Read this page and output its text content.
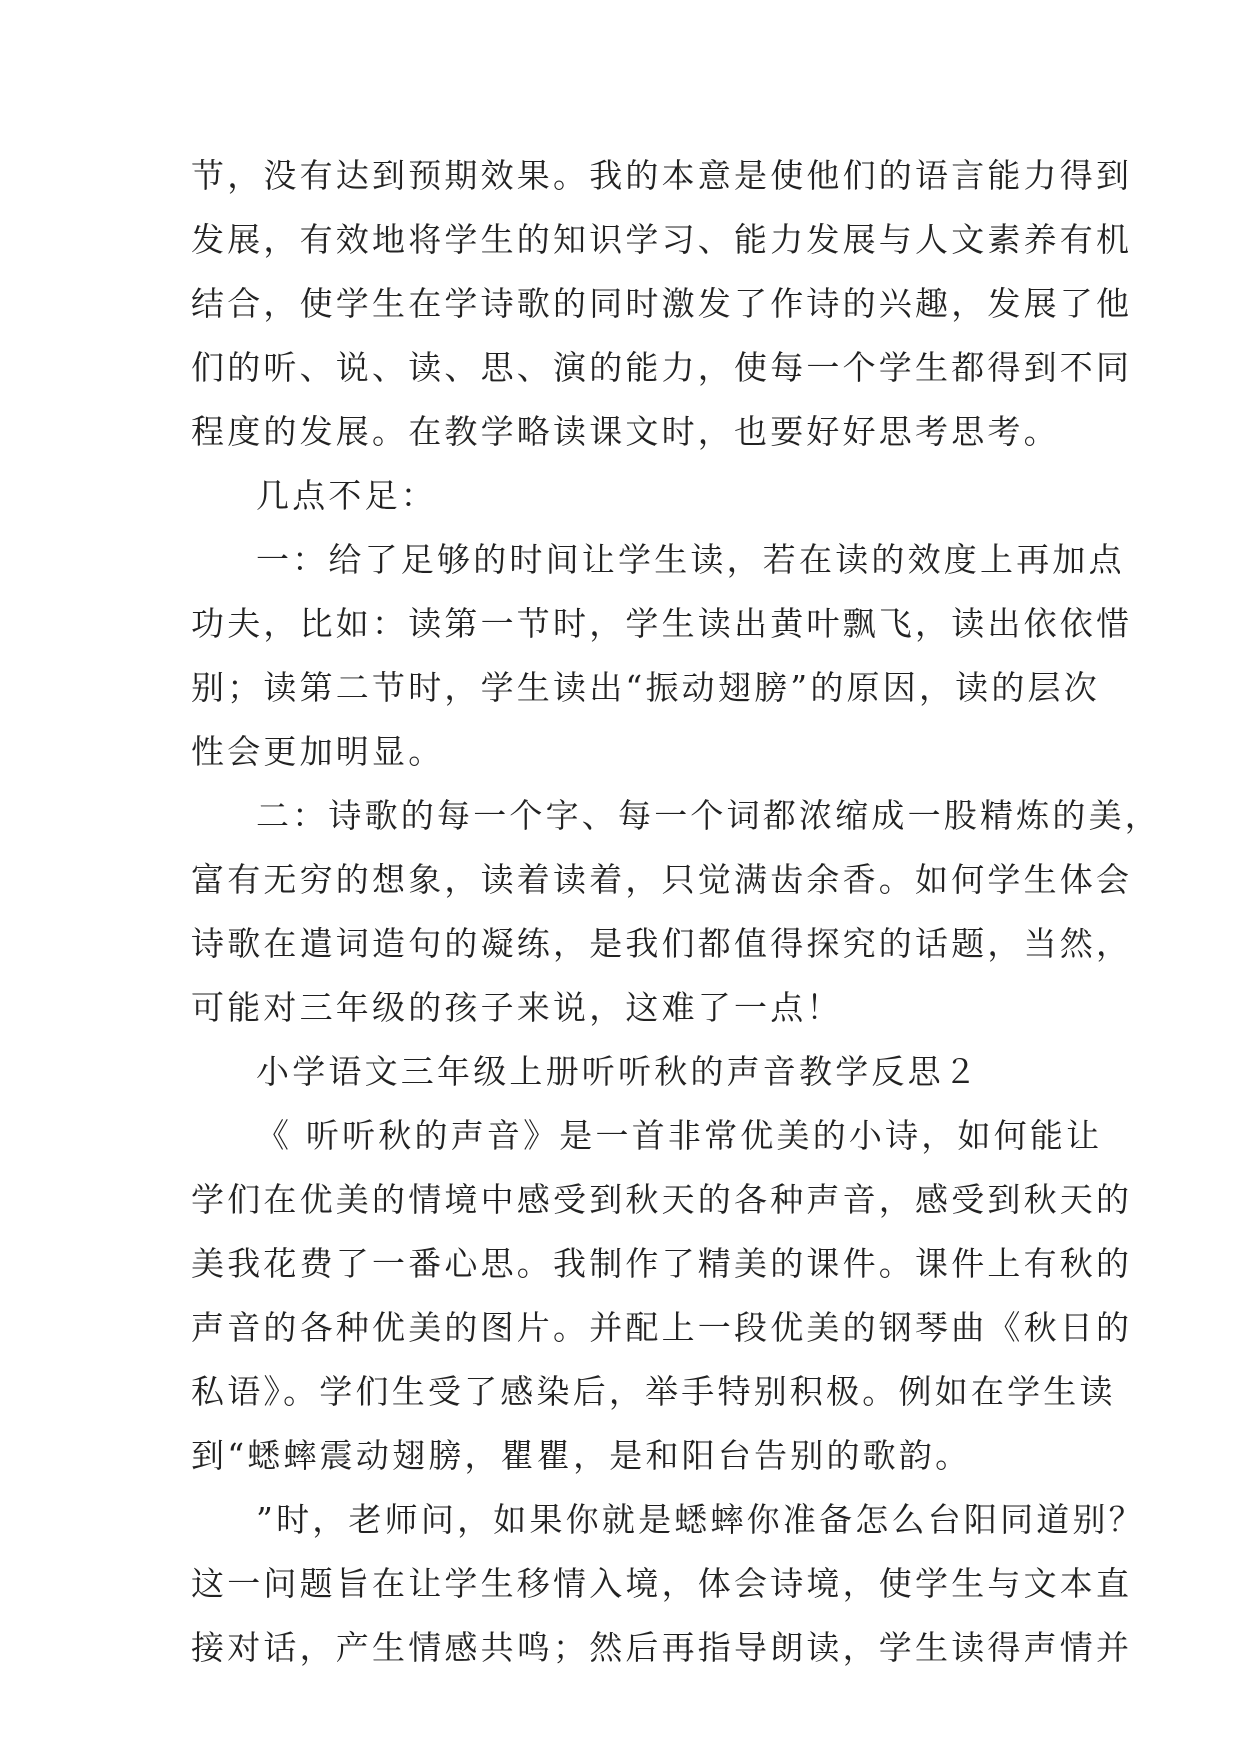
节，没有达到预期效果。我的本意是使他们的语言能力得到
发展，有效地将学生的知识学习、能力发展与人文素养有机
结合，使学生在学诗歌的同时激发了作诗的兴趣，发展了他
们的听、说、读、思、演的能力，使每一个学生都得到不同
程度的发展。在教学略读课文时，也要好好思考思考。
几点不足：
一：给了足够的时间让学生读，若在读的效度上再加点
功夫，比如：读第一节时，学生读出黄叶飘飞，读出依依惜
别；读第二节时，学生读出“振动翅膀”的原因，读的层次
性会更加明显。
二：诗歌的每一个字、每一个词都浓缩成一股精炼的美，
富有无穷的想象，读着读着，只觉满齿余香。如何学生体会
诗歌在遣词造句的凝练，是我们都值得探究的话题，当然，
可能对三年级的孩子来说，这难了一点！
小学语文三年级上册听听秋的声音教学反思２
《 听听秋的声音》是一首非常优美的小诗，如何能让
学们在优美的情境中感受到秋天的各种声音，感受到秋天的
美我花费了一番心思。我制作了精美的课件。课件上有秋的
声音的各种优美的图片。并配上一段优美的钢琴曲《秋日的
私语》。学们生受了感染后，举手特别积极。例如在学生读
到“蟋蟀震动翅膀，瞿瞿，是和阳台告别的歌韵。
”时，老师问，如果你就是蟋蟀你准备怎么台阳同道别？
这一问题旨在让学生移情入境，体会诗境，使学生与文本直
接对话，产生情感共鸣；然后再指导朗读，学生读得声情并
